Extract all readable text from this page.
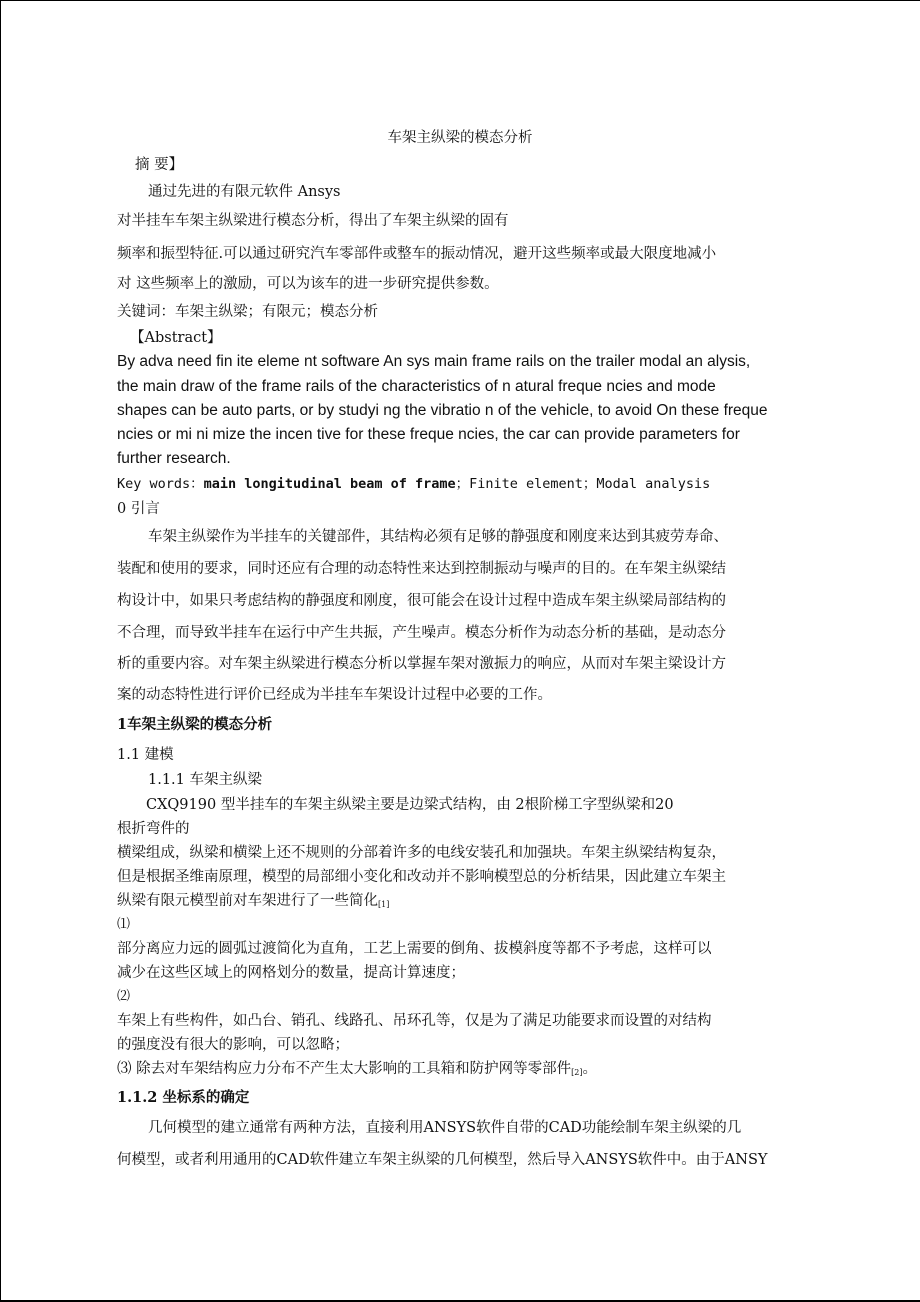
车架主纵梁的模态分析
摘 要】
通过先进的有限元软件 Ansys
对半挂车车架主纵梁进行模态分析，得出了车架主纵梁的固有
频率和振型特征.可以通过研究汽车零部件或整车的振动情况，避开这些频率或最大限度地减小
对 这些频率上的激励，可以为该车的进一步研究提供参数。
关键词：车架主纵梁；有限元；模态分析
【Abstract】
By adva need fin ite eleme nt software An sys main frame rails on the trailer modal an alysis,
the main draw of the frame rails of the characteristics of n atural freque ncies and mode
shapes can be auto parts, or by studyi ng the vibratio n of the vehicle, to avoid On these freque
ncies or mi ni mize the incen tive for these freque ncies, the car can provide parameters for
further research.
Key words：main longitudinal beam of frame；Finite element；Modal analysis
0 引言
车架主纵梁作为半挂车的关键部件，其结构必须有足够的静强度和刚度来达到其疲劳寿命、
装配和使用的要求，同时还应有合理的动态特性来达到控制振动与噪声的目的。在车架主纵梁结
构设计中，如果只考虑结构的静强度和刚度，很可能会在设计过程中造成车架主纵梁局部结构的
不合理，而导致半挂车在运行中产生共振，产生噪声。模态分析作为动态分析的基础，是动态分
析的重要内容。对车架主纵梁进行模态分析以掌握车架对激振力的响应，从而对车架主梁设计方
案的动态特性进行评价已经成为半挂车车架设计过程中必要的工作。
1车架主纵梁的模态分析
1.1 建模
1.1.1 车架主纵梁
CXQ9190 型半挂车的车架主纵梁主要是边梁式结构，由 2根阶梯工字型纵梁和20
根折弯件的
横梁组成，纵梁和横梁上还不规则的分部着许多的电线安装孔和加强块。车架主纵梁结构复杂，
但是根据圣维南原理，模型的局部细小变化和改动并不影响模型总的分析结果，因此建立车架主
纵梁有限元模型前对车架进行了一些简化[1]
⑴
部分离应力远的圆弧过渡简化为直角，工艺上需要的倒角、拔模斜度等都不予考虑，这样可以
减少在这些区域上的网格划分的数量，提高计算速度；
⑵
车架上有些构件，如凸台、销孔、线路孔、吊环孔等，仅是为了满足功能要求而设置的对结构
的强度没有很大的影响，可以忽略；
⑶ 除去对车架结构应力分布不产生太大影响的工具箱和防护网等零部件[2]。
1.1.2 坐标系的确定
几何模型的建立通常有两种方法，直接利用ANSYS软件自带的CAD功能绘制车架主纵梁的几
何模型，或者利用通用的CAD软件建立车架主纵梁的几何模型，然后导入ANSYS软件中。由于ANSY
